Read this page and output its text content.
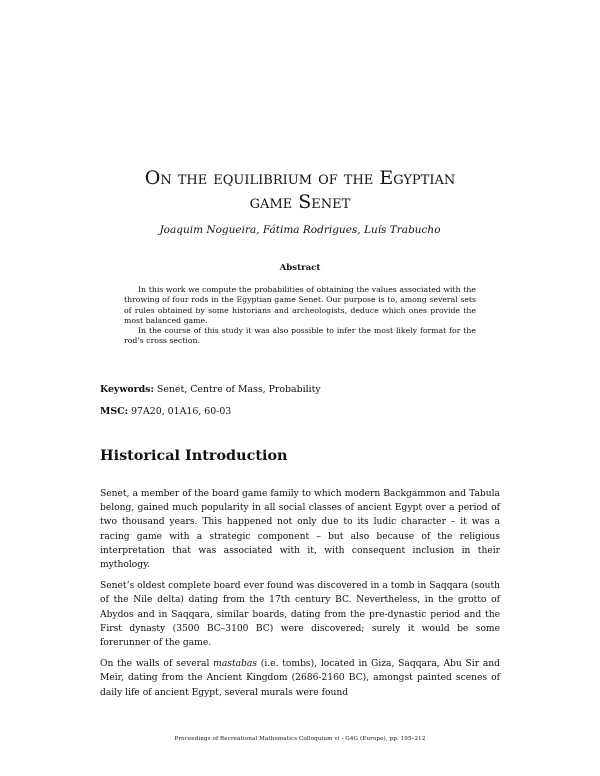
On the equilibrium of the Egyptian
game Senet

Joaquim Nogueira, Fátima Rodrigues, Luís Trabucho

Abstract

In this work we compute the probabilities of obtaining the values associated with the throwing of four rods in the Egyptian game Senet. Our purpose is to, among several sets of rules obtained by some historians and archeologists, deduce which ones provide the most balanced game.

In the course of this study it was also possible to infer the most likely format for the rod’s cross section.

Keywords: Senet, Centre of Mass, Probability

MSC: 97A20, 01A16, 60-03

Historical Introduction

Senet, a member of the board game family to which modern Backgammon and Tabula belong, gained much popularity in all social classes of ancient Egypt over a period of two thousand years. This happened not only due to its ludic character – it was a racing game with a strategic component – but also because of the religious interpretation that was associated with it, with consequent inclusion in their mythology.

Senet’s oldest complete board ever found was discovered in a tomb in Saqqara (south of the Nile delta) dating from the 17th century BC. Nevertheless, in the grotto of Abydos and in Saqqara, similar boards, dating from the pre-dynastic period and the First dynasty (3500 BC–3100 BC) were discovered; surely it would be some forerunner of the game.

On the walls of several mastabas (i.e. tombs), located in Giza, Saqqara, Abu Sir and Meir, dating from the Ancient Kingdom (2686-2160 BC), amongst painted scenes of daily life of ancient Egypt, several murals were found

Proceedings of Recreational Mathematics Colloquium vi - G4G (Europe), pp. 195–212
